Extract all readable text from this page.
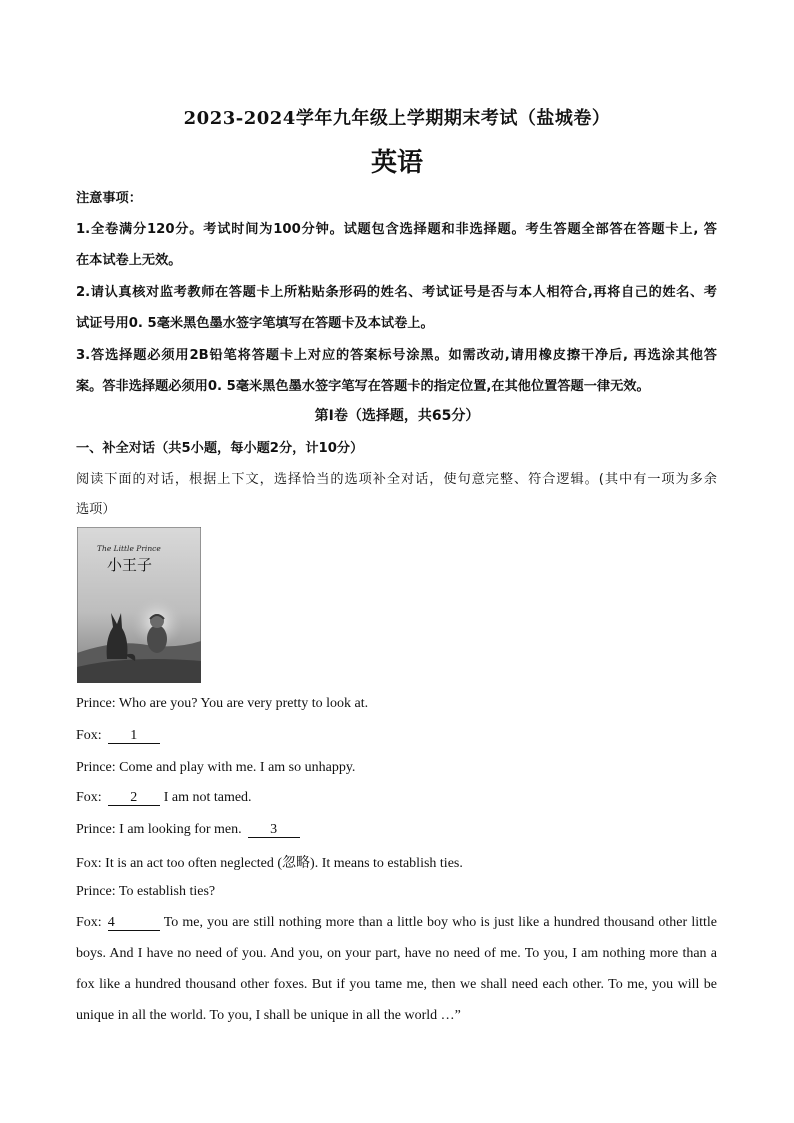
2023-2024学年九年级上学期期末考试（盐城卷）
英语
注意事项：
1.全卷满分120分。考试时间为100分钟。试题包含选择题和非选择题。考生答题全部答在答题卡上, 答
在本试卷上无效。
2.请认真核对监考教师在答题卡上所粘贴条形码的姓名、考试证号是否与本人相符合,再将自己的姓名、考
试证号用0. 5毫米黑色墨水签字笔填写在答题卡及本试卷上。
3.答选择题必须用2B铅笔将答题卡上对应的答案标号涂黑。如需改动,请用橡皮擦干净后, 再选涂其他答
案。答非选择题必须用0. 5毫米黑色墨水签字笔写在答题卡的指定位置,在其他位置答题一律无效。
第Ⅰ卷（选择题，共65分）
一、补全对话（共5小题，每小题2分，计10分）
阅读下面的对话，根据上下文，选择恰当的选项补全对话，使句意完整、符合逻辑。(其中有一项为多余
选项）
The Little Prince
小王子
Prince: Who are you? You are very pretty to look at.
Fox: 1
Prince: Come and play with me. I am so unhappy.
Fox: 2 I am not tamed.
Prince: I am looking for men. 3
Fox: It is an act too often neglected (忽略). It means to establish ties.
Prince: To establish ties?
Fox: 4	To me, you are still nothing more than a little boy who is just like a hundred thousand other little
boys. And I have no need of you. And you, on your part, have no need of me. To you, I am nothing more than a
fox like a hundred thousand other foxes. But if you tame me, then we shall need each other. To me, you will be
unique in all the world. To you, I shall be unique in all the world …”
